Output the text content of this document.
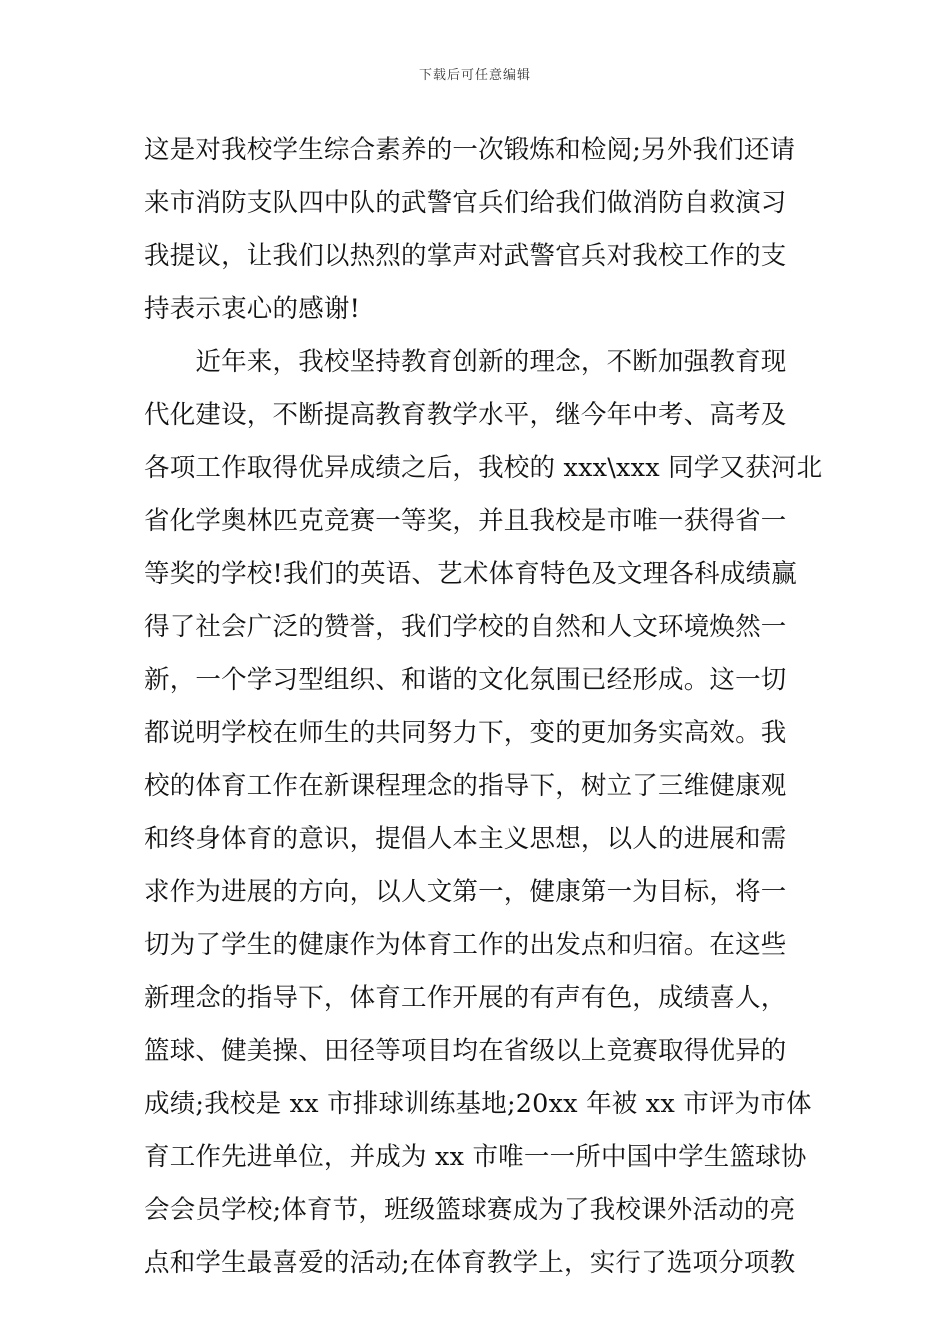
下载后可任意编辑
这是对我校学生综合素养的一次锻炼和检阅;另外我们还请
来市消防支队四中队的武警官兵们给我们做消防自救演习
我提议，让我们以热烈的掌声对武警官兵对我校工作的支
持表示衷心的感谢!
　　近年来，我校坚持教育创新的理念，不断加强教育现
代化建设，不断提高教育教学水平，继今年中考、高考及
各项工作取得优异成绩之后，我校的 xxx\xxx 同学又获河北
省化学奥林匹克竞赛一等奖，并且我校是市唯一获得省一
等奖的学校!我们的英语、艺术体育特色及文理各科成绩赢
得了社会广泛的赞誉，我们学校的自然和人文环境焕然一
新，一个学习型组织、和谐的文化氛围已经形成。这一切
都说明学校在师生的共同努力下，变的更加务实高效。我
校的体育工作在新课程理念的指导下，树立了三维健康观
和终身体育的意识，提倡人本主义思想，以人的进展和需
求作为进展的方向，以人文第一，健康第一为目标，将一
切为了学生的健康作为体育工作的出发点和归宿。在这些
新理念的指导下，体育工作开展的有声有色，成绩喜人，
篮球、健美操、田径等项目均在省级以上竞赛取得优异的
成绩;我校是 xx 市排球训练基地;20xx 年被 xx 市评为市体
育工作先进单位，并成为 xx 市唯一一所中国中学生篮球协
会会员学校;体育节，班级篮球赛成为了我校课外活动的亮
点和学生最喜爱的活动;在体育教学上，实行了选项分项教
